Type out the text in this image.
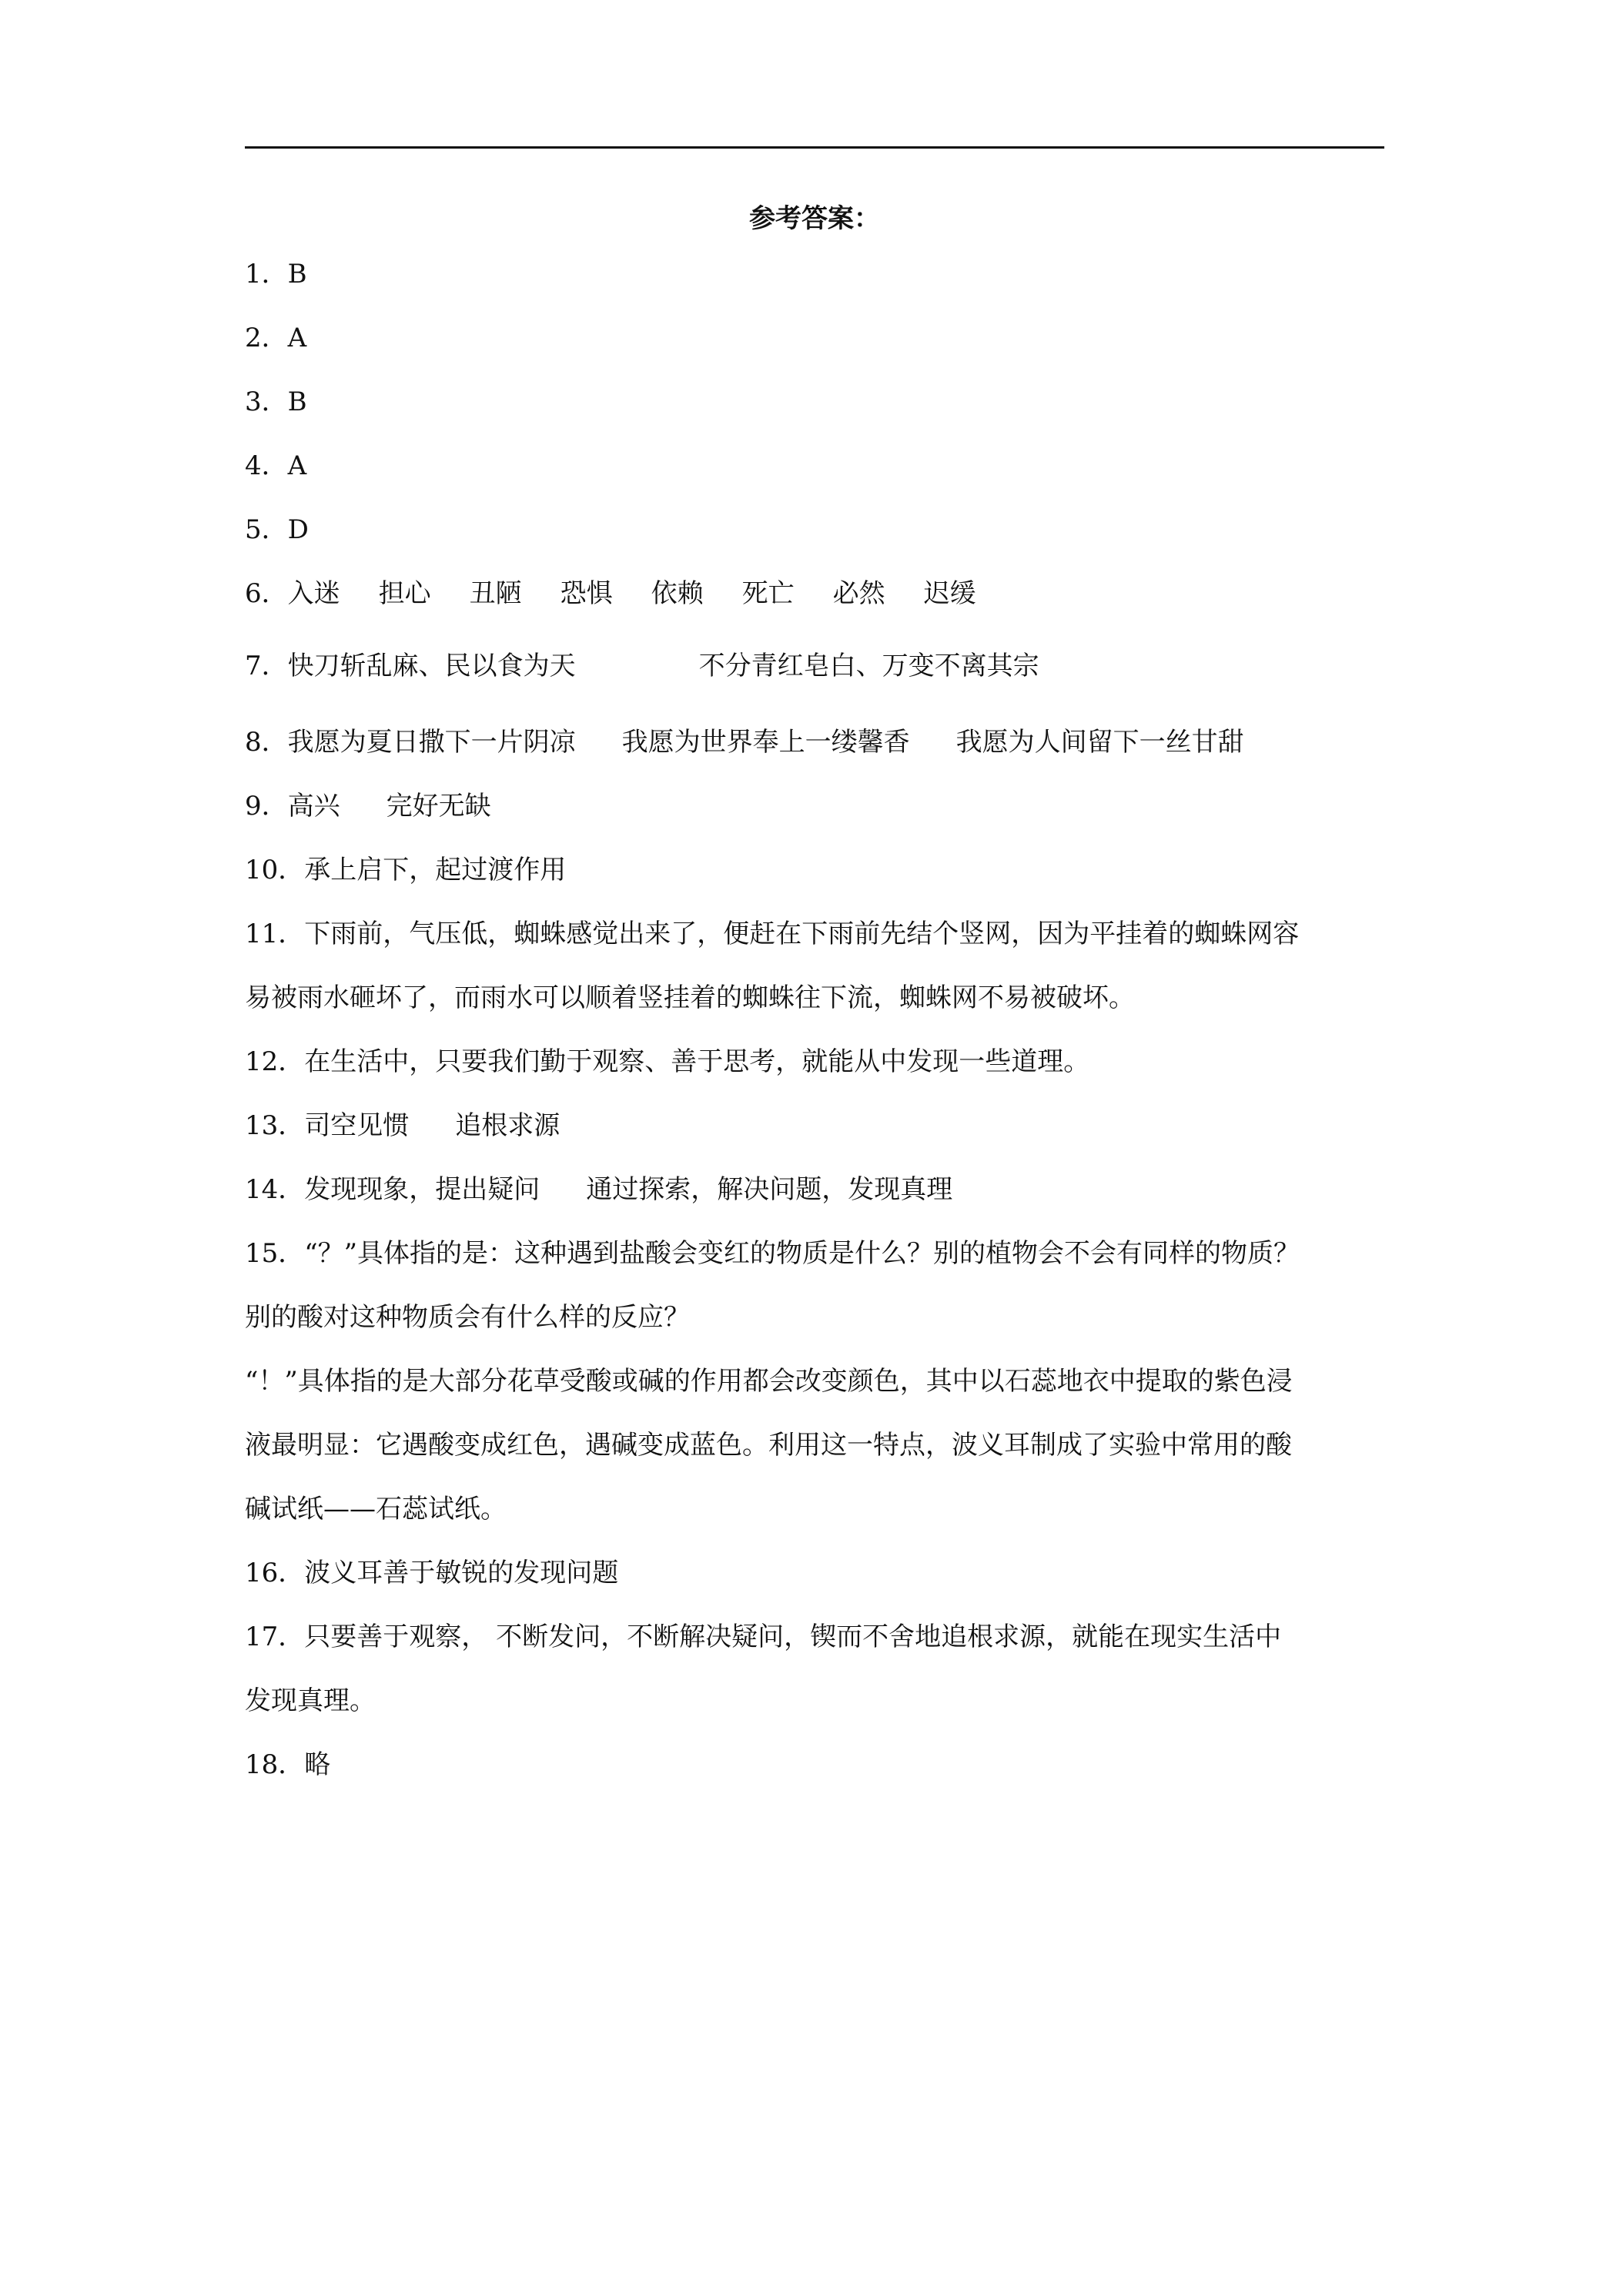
参考答案：
1．B
2．A
3．B
4．A
5．D
6．入迷 担心 丑陋 恐惧 依赖 死亡 必然 迟缓
7．快刀斩乱麻、民以食为天	不分青红皂白、万变不离其宗
8．我愿为夏日撒下一片阴凉 我愿为世界奉上一缕馨香 我愿为人间留下一丝甘甜
9．高兴 完好无缺
10．承上启下，起过渡作用
11．下雨前，气压低，蜘蛛感觉出来了，便赶在下雨前先结个竖网，因为平挂着的蜘蛛网容
易被雨水砸坏了，而雨水可以顺着竖挂着的蜘蛛往下流，蜘蛛网不易被破坏。
12．在生活中，只要我们勤于观察、善于思考，就能从中发现一些道理。
13．司空见惯 追根求源
14．发现现象，提出疑问 通过探索，解决问题，发现真理
15．“？”具体指的是：这种遇到盐酸会变红的物质是什么？别的植物会不会有同样的物质？
别的酸对这种物质会有什么样的反应？
“！”具体指的是大部分花草受酸或碱的作用都会改变颜色，其中以石蕊地衣中提取的紫色浸
液最明显：它遇酸变成红色，遇碱变成蓝色。利用这一特点，波义耳制成了实验中常用的酸
碱试纸——石蕊试纸。
16．波义耳善于敏锐的发现问题
17．只要善于观察， 不断发问，不断解决疑问，锲而不舍地追根求源，就能在现实生活中
发现真理。
18．略
